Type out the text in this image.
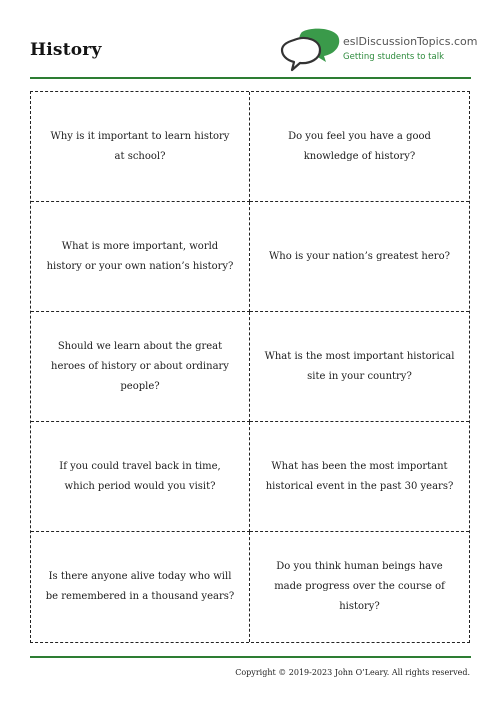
History	eslDiscussionTopics.com
Getting students to talk
Why is it important to learn history at school?
Do you feel you have a good knowledge of history?
What is more important, world history or your own nation’s history?
Who is your nation’s greatest hero?
Should we learn about the great heroes of history or about ordinary people?
What is the most important historical site in your country?
If you could travel back in time, which period would you visit?
What has been the most important historical event in the past 30 years?
Is there anyone alive today who will be remembered in a thousand years?
Do you think human beings have made progress over the course of history?
Copyright © 2019-2023 John O’Leary. All rights reserved.
